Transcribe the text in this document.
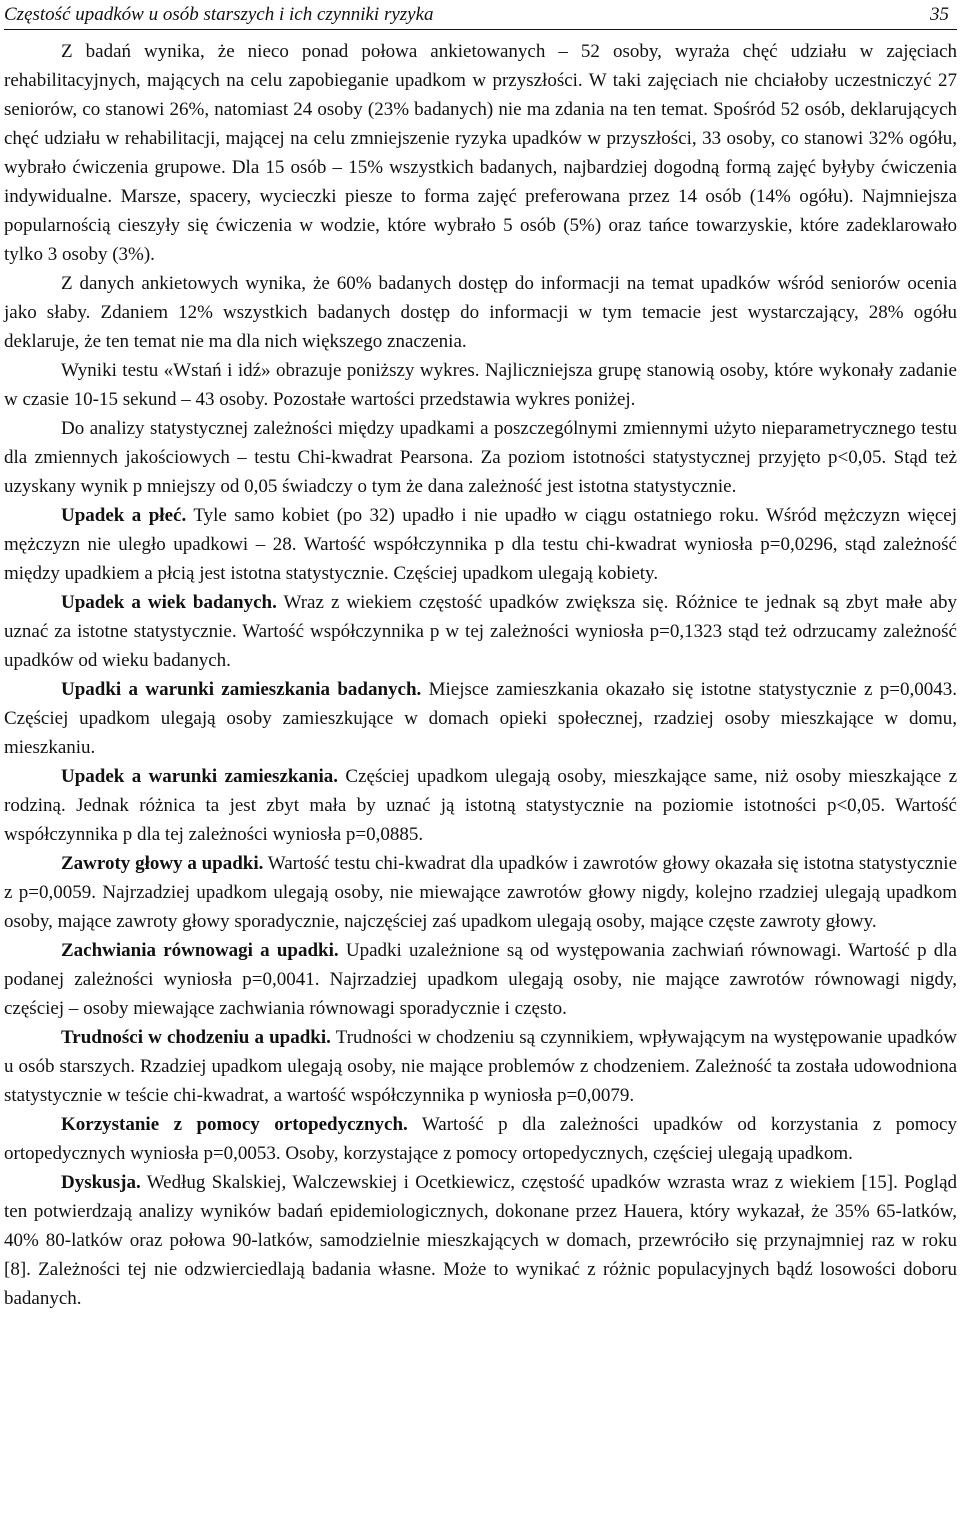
Częstość upadków u osób starszych i ich czynniki ryzyka	35

Z badań wynika, że nieco ponad połowa ankietowanych – 52 osoby, wyraża chęć udziału w zajęciach rehabilitacyjnych, mających na celu zapobieganie upadkom w przyszłości. W taki zajęciach nie chciałoby uczestniczyć 27 seniorów, co stanowi 26%, natomiast 24 osoby (23% badanych) nie ma zdania na ten temat. Spośród 52 osób, deklarujących chęć udziału w rehabilitacji, mającej na celu zmniejszenie ryzyka upadków w przyszłości, 33 osoby, co stanowi 32% ogółu, wybrało ćwiczenia grupowe. Dla 15 osób – 15% wszystkich badanych, najbardziej dogodną formą zajęć byłyby ćwiczenia indywidualne. Marsze, spacery, wycieczki piesze to forma zajęć preferowana przez 14 osób (14% ogółu). Najmniejsza popularnością cieszyły się ćwiczenia w wodzie, które wybrało 5 osób (5%) oraz tańce towarzyskie, które zadeklarowało tylko 3 osoby (3%).

Z danych ankietowych wynika, że 60% badanych dostęp do informacji na temat upadków wśród seniorów ocenia jako słaby. Zdaniem 12% wszystkich badanych dostęp do informacji w tym temacie jest wystarczający, 28% ogółu deklaruje, że ten temat nie ma dla nich większego znaczenia.

Wyniki testu «Wstań i idź» obrazuje poniższy wykres. Najliczniejsza grupę stanowią osoby, które wykonały zadanie w czasie 10-15 sekund – 43 osoby. Pozostałe wartości przedstawia wykres poniżej.

Do analizy statystycznej zależności między upadkami a poszczególnymi zmiennymi użyto nieparametrycznego testu dla zmiennych jakościowych – testu Chi-kwadrat Pearsona. Za poziom istotności statystycznej przyjęto p<0,05. Stąd też uzyskany wynik p mniejszy od 0,05 świadczy o tym że dana zależność jest istotna statystycznie.

Upadek a płeć. Tyle samo kobiet (po 32) upadło i nie upadło w ciągu ostatniego roku. Wśród mężczyzn więcej mężczyzn nie uległo upadkowi – 28. Wartość współczynnika p dla testu chi-kwadrat wyniosła p=0,0296, stąd zależność między upadkiem a płcią jest istotna statystycznie. Częściej upadkom ulegają kobiety.

Upadek a wiek badanych. Wraz z wiekiem częstość upadków zwiększa się. Różnice te jednak są zbyt małe aby uznać za istotne statystycznie. Wartość współczynnika p w tej zależności wyniosła p=0,1323 stąd też odrzucamy zależność upadków od wieku badanych.

Upadki a warunki zamieszkania badanych. Miejsce zamieszkania okazało się istotne statystycznie z p=0,0043. Częściej upadkom ulegają osoby zamieszkujące w domach opieki społecznej, rzadziej osoby mieszkające w domu, mieszkaniu.

Upadek a warunki zamieszkania. Częściej upadkom ulegają osoby, mieszkające same, niż osoby mieszkające z rodziną. Jednak różnica ta jest zbyt mała by uznać ją istotną statystycznie na poziomie istotności p<0,05. Wartość współczynnika p dla tej zależności wyniosła p=0,0885.

Zawroty głowy a upadki. Wartość testu chi-kwadrat dla upadków i zawrotów głowy okazała się istotna statystycznie z p=0,0059. Najrzadziej upadkom ulegają osoby, nie miewające zawrotów głowy nigdy, kolejno rzadziej ulegają upadkom osoby, mające zawroty głowy sporadycznie, najczęściej zaś upadkom ulegają osoby, mające częste zawroty głowy.

Zachwiania równowagi a upadki. Upadki uzależnione są od występowania zachwiań równowagi. Wartość p dla podanej zależności wyniosła p=0,0041. Najrzadziej upadkom ulegają osoby, nie mające zawrotów równowagi nigdy, częściej – osoby miewające zachwiania równowagi sporadycznie i często.

Trudności w chodzeniu a upadki. Trudności w chodzeniu są czynnikiem, wpływającym na występowanie upadków u osób starszych. Rzadziej upadkom ulegają osoby, nie mające problemów z chodzeniem. Zależność ta została udowodniona statystycznie w teście chi-kwadrat, a wartość współczynnika p wyniosła p=0,0079.

Korzystanie z pomocy ortopedycznych. Wartość p dla zależności upadków od korzystania z pomocy ortopedycznych wyniosła p=0,0053. Osoby, korzystające z pomocy ortopedycznych, częściej ulegają upadkom.

Dyskusja. Według Skalskiej, Walczewskiej i Ocetkiewicz, częstość upadków wzrasta wraz z wiekiem [15]. Pogląd ten potwierdzają analizy wyników badań epidemiologicznych, dokonane przez Hauera, który wykazał, że 35% 65-latków, 40% 80-latków oraz połowa 90-latków, samodzielnie mieszkających w domach, przewróciło się przynajmniej raz w roku [8]. Zależności tej nie odzwierciedlają badania własne. Może to wynikać z różnic populacyjnych bądź losowości doboru badanych.
